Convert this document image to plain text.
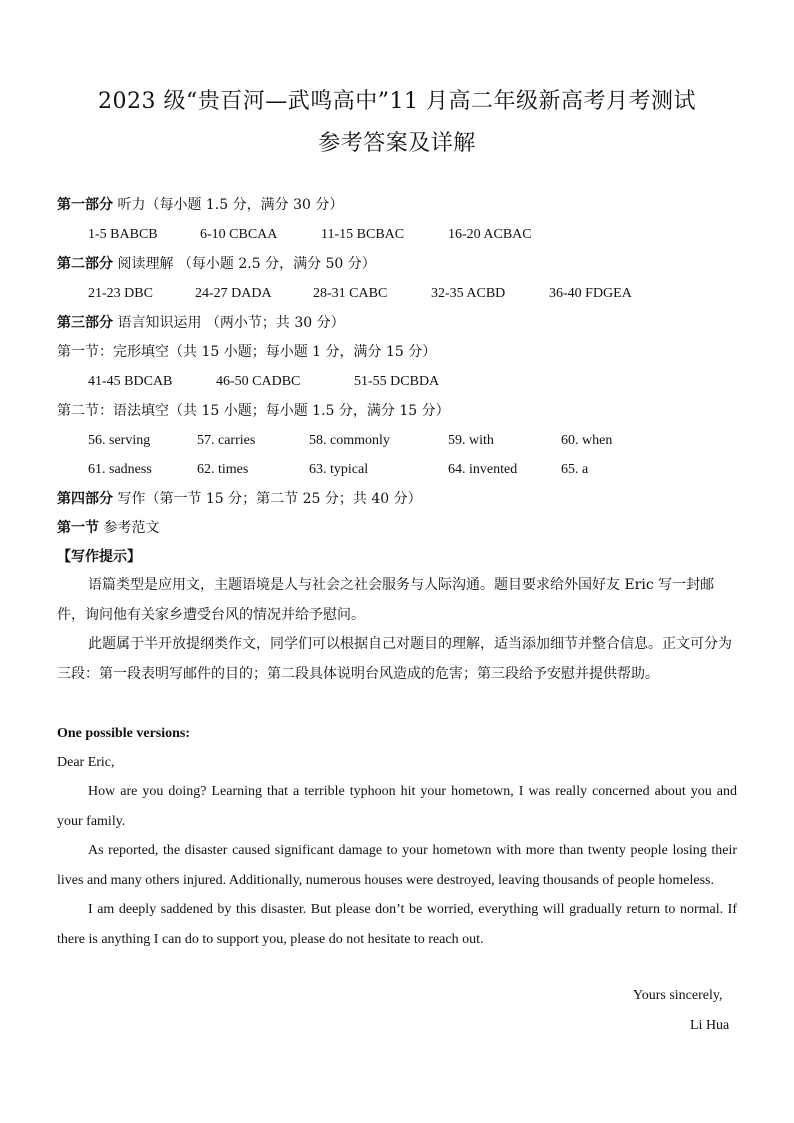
2023 级“贵百河—武鸣高中”11 月高二年级新高考月考测试
参考答案及详解
第一部分 听力（每小题 1.5 分，满分 30 分）
1-5 BABCB	6-10 CBCAA	11-15 BCBAC	16-20 ACBAC
第二部分 阅读理解 （每小题 2.5 分，满分 50 分）
21-23 DBC	24-27 DADA	28-31 CABC	32-35 ACBD	36-40 FDGEA
第三部分 语言知识运用 （两小节；共 30 分）
第一节：完形填空（共 15 小题；每小题 1 分，满分 15 分）
41-45 BDCAB	46-50 CADBC	51-55 DCBDA
第二节：语法填空（共 15 小题；每小题 1.5 分，满分 15 分）
56. serving	57. carries	58. commonly	59. with	60. when
61. sadness	62. times	63. typical	64. invented	65. a
第四部分 写作（第一节 15 分；第二节 25 分；共 40 分）
第一节 参考范文
【写作提示】

语篇类型是应用文，主题语境是人与社会之社会服务与人际沟通。题目要求给外国好友 Eric 写一封邮件，询问他有关家乡遭受台风的情况并给予慰问。

此题属于半开放提纲类作文，同学们可以根据自己对题目的理解，适当添加细节并整合信息。正文可分为三段：第一段表明写邮件的目的；第二段具体说明台风造成的危害；第三段给予安慰并提供帮助。

One possible versions:
Dear Eric,

How are you doing? Learning that a terrible typhoon hit your hometown, I was really concerned about you and your family.

As reported, the disaster caused significant damage to your hometown with more than twenty people losing their lives and many others injured. Additionally, numerous houses were destroyed, leaving thousands of people homeless.

I am deeply saddened by this disaster. But please don’t be worried, everything will gradually return to normal. If there is anything I can do to support you, please do not hesitate to reach out.

Yours sincerely,
Li Hua
